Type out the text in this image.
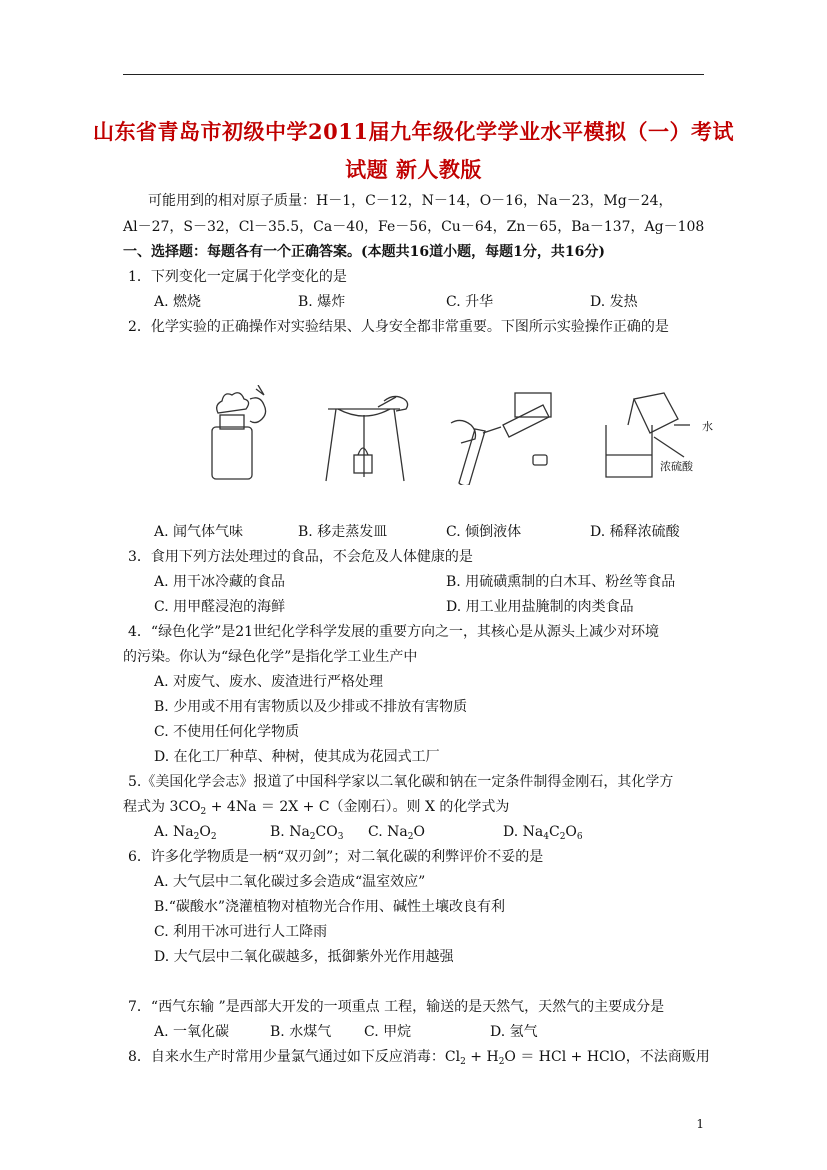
山东省青岛市初级中学2011届九年级化学学业水平模拟（一）考试
试题 新人教版
可能用到的相对原子质量：H－1，C－12，N－14，O－16，Na－23，Mg－24，
Al－27，S－32，Cl－35.5，Ca－40，Fe－56，Cu－64，Zn－65，Ba－137，Ag－108
一、选择题：每题各有一个正确答案。(本题共16道小题，每题1分，共16分)
1．下列变化一定属于化学变化的是
A. 燃烧	B. 爆炸	C. 升华	D. 发热
2．化学实验的正确操作对实验结果、人身安全都非常重要。下图所示实验操作正确的是
水
浓硫酸
A. 闻气体气味	B. 移走蒸发皿	C. 倾倒液体	D. 稀释浓硫酸
3．食用下列方法处理过的食品，不会危及人体健康的是
A. 用干冰冷藏的食品	B. 用硫磺熏制的白木耳、粉丝等食品
C. 用甲醛浸泡的海鲜	D. 用工业用盐腌制的肉类食品
4．“绿色化学”是21世纪化学科学发展的重要方向之一，其核心是从源头上减少对环境
的污染。你认为“绿色化学”是指化学工业生产中
A. 对废气、废水、废渣进行严格处理
B. 少用或不用有害物质以及少排或不排放有害物质
C. 不使用任何化学物质
D. 在化工厂种草、种树，使其成为花园式工厂
5.《美国化学会志》报道了中国科学家以二氧化碳和钠在一定条件制得金刚石，其化学方
程式为 $3CO_2 + 4Na = 2X + C$（金刚石）。则 X 的化学式为
A. $Na_2O_2$	B. $Na_2CO_3$ C. $Na_2O$	D. $Na_4C_2O_6$
6．许多化学物质是一柄“双刃剑”；对二氧化碳的利弊评价不妥的是
A. 大气层中二氧化碳过多会造成“温室效应”
B.“碳酸水”浇灌植物对植物光合作用、碱性土壤改良有利
C. 利用干冰可进行人工降雨
D. 大气层中二氧化碳越多，抵御紫外光作用越强
7．“西气东输 ”是西部大开发的一项重点 工程，输送的是天然气，天然气的主要成分是
A. 一氧化碳	B. 水煤气 C. 甲烷	D. 氢气
8．自来水生产时常用少量氯气通过如下反应消毒：$Cl_2 + H_2O$ ＝ HCl + HClO，不法商贩用
1
